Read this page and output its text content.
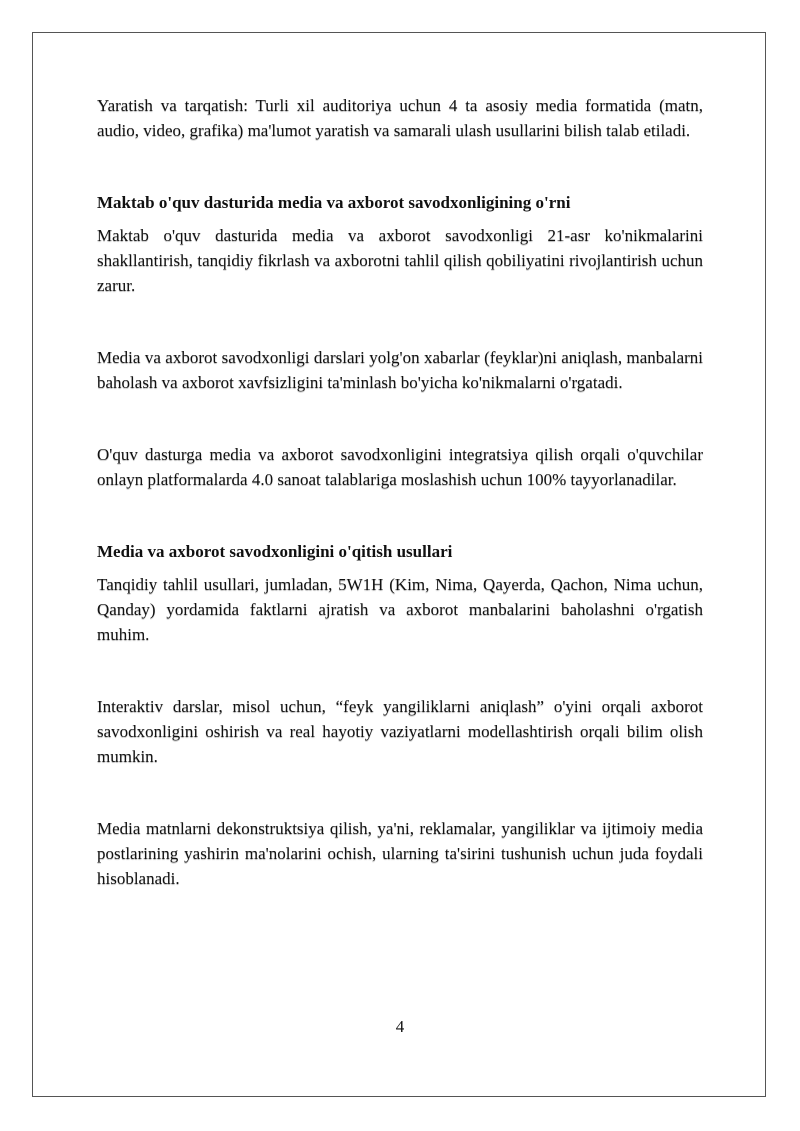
Yaratish va tarqatish: Turli xil auditoriya uchun 4 ta asosiy media formatida (matn, audio, video, grafika) ma'lumot yaratish va samarali ulash usullarini bilish talab etiladi.

Maktab o'quv dasturida media va axborot savodxonligining o'rni

Maktab o'quv dasturida media va axborot savodxonligi 21-asr ko'nikmalarini shakllantirish, tanqidiy fikrlash va axborotni tahlil qilish qobiliyatini rivojlantirish uchun zarur.

Media va axborot savodxonligi darslari yolg'on xabarlar (feyklar)ni aniqlash, manbalarni baholash va axborot xavfsizligini ta'minlash bo'yicha ko'nikmalarni o'rgatadi.

O'quv dasturga media va axborot savodxonligini integratsiya qilish orqali o'quvchilar onlayn platformalarda 4.0 sanoat talablariga moslashish uchun 100% tayyorlanadilar.

Media va axborot savodxonligini o'qitish usullari

Tanqidiy tahlil usullari, jumladan, 5W1H (Kim, Nima, Qayerda, Qachon, Nima uchun, Qanday) yordamida faktlarni ajratish va axborot manbalarini baholashni o'rgatish muhim.

Interaktiv darslar, misol uchun, “feyk yangiliklarni aniqlash” o'yini orqali axborot savodxonligini oshirish va real hayotiy vaziyatlarni modellashtirish orqali bilim olish mumkin.

Media matnlarni dekonstruktsiya qilish, ya'ni, reklamalar, yangiliklar va ijtimoiy media postlarining yashirin ma'nolarini ochish, ularning ta'sirini tushunish uchun juda foydali hisoblanadi.

4
